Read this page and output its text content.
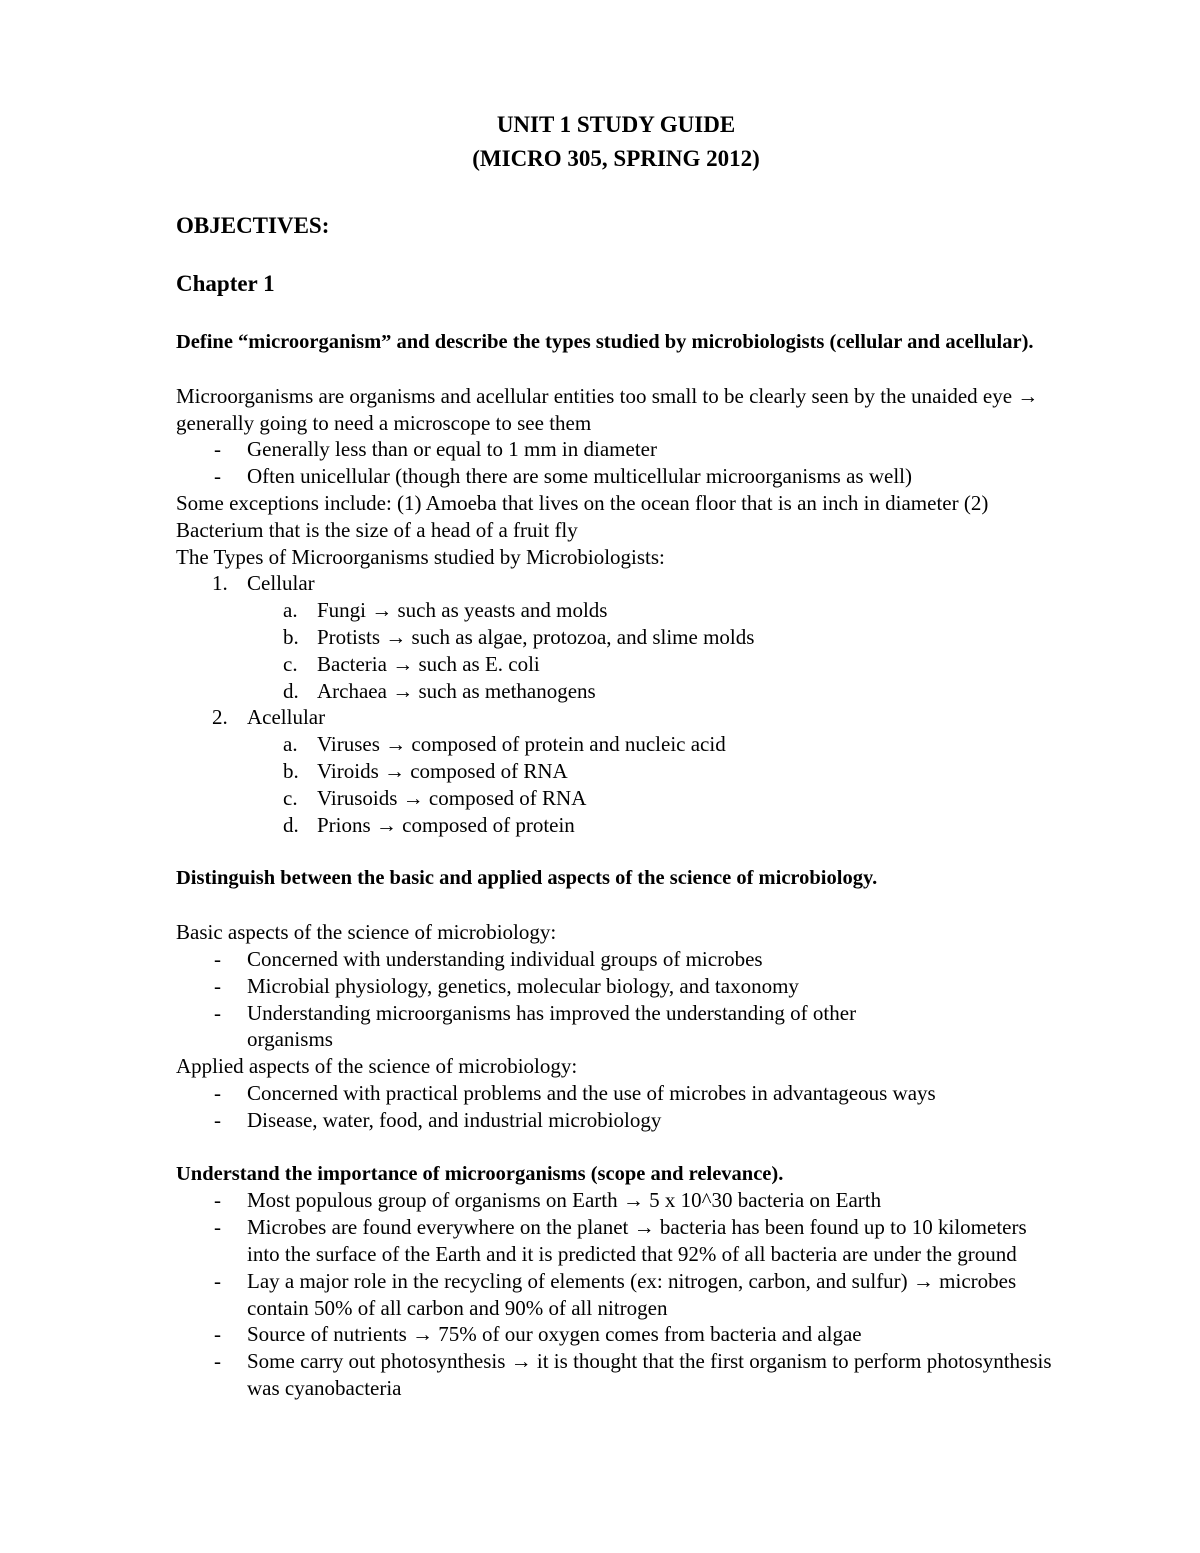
UNIT 1 STUDY GUIDE
(MICRO 305, SPRING 2012)
OBJECTIVES:
Chapter 1
Define “microorganism” and describe the types studied by microbiologists (cellular and acellular).
Microorganisms are organisms and acellular entities too small to be clearly seen by the unaided eye → generally going to need a microscope to see them
- Generally less than or equal to 1 mm in diameter
- Often unicellular (though there are some multicellular microorganisms as well)
Some exceptions include: (1) Amoeba that lives on the ocean floor that is an inch in diameter (2) Bacterium that is the size of a head of a fruit fly
The Types of Microorganisms studied by Microbiologists:
1. Cellular
a. Fungi → such as yeasts and molds
b. Protists → such as algae, protozoa, and slime molds
c. Bacteria → such as E. coli
d. Archaea → such as methanogens
2. Acellular
a. Viruses → composed of protein and nucleic acid
b. Viroids → composed of RNA
c. Virusoids → composed of RNA
d. Prions → composed of protein
Distinguish between the basic and applied aspects of the science of microbiology.
Basic aspects of the science of microbiology:
- Concerned with understanding individual groups of microbes
- Microbial physiology, genetics, molecular biology, and taxonomy
- Understanding microorganisms has improved the understanding of other organisms
Applied aspects of the science of microbiology:
- Concerned with practical problems and the use of microbes in advantageous ways
- Disease, water, food, and industrial microbiology
Understand the importance of microorganisms (scope and relevance).
- Most populous group of organisms on Earth → 5 x 10^30 bacteria on Earth
- Microbes are found everywhere on the planet → bacteria has been found up to 10 kilometers into the surface of the Earth and it is predicted that 92% of all bacteria are under the ground
- Lay a major role in the recycling of elements (ex: nitrogen, carbon, and sulfur) → microbes contain 50% of all carbon and 90% of all nitrogen
- Source of nutrients → 75% of our oxygen comes from bacteria and algae
- Some carry out photosynthesis → it is thought that the first organism to perform photosynthesis was cyanobacteria
